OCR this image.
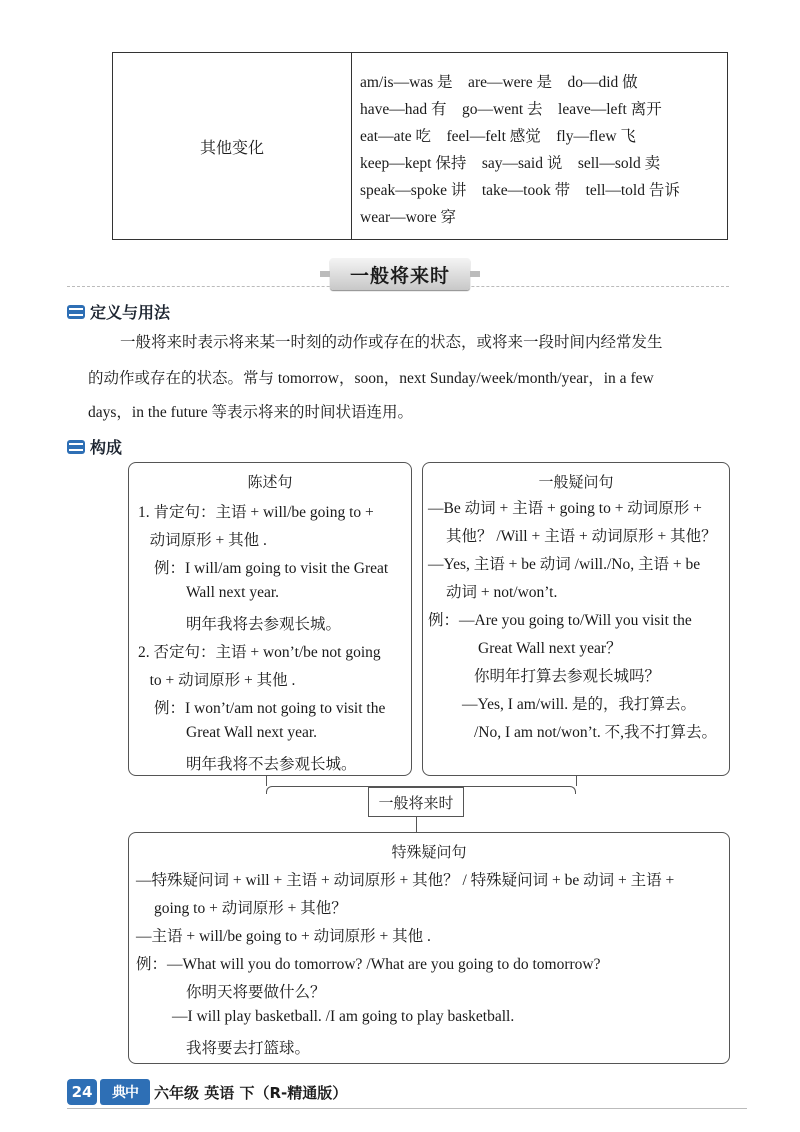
其他变化
am/is—was 是    are—were 是    do—did 做
have—had 有    go—went 去    leave—left 离开
eat—ate 吃    feel—felt 感觉    fly—flew 飞
keep—kept 保持    say—said 说    sell—sold 卖
speak—spoke 讲    take—took 带    tell—told 告诉
wear—wore 穿
一般将来时
定义与用法
一般将来时表示将来某一时刻的动作或存在的状态，或将来一段时间内经常发生
的动作或存在的状态。常与 tomorrow，soon，next Sunday/week/month/year，in a few
days，in the future 等表示将来的时间状语连用。
构成
陈述句
1. 肯定句：主语 + will/be going to +
动词原形 + 其他 .
例：I will/am going to visit the Great
Wall next year.
明年我将去参观长城。
2. 否定句：主语 + won’t/be not going
to + 动词原形 + 其他 .
例：I won’t/am not going to visit the
Great Wall next year.
明年我将不去参观长城。
一般疑问句
—Be 动词 + 主语 + going to + 动词原形 +
其他？ /Will + 主语 + 动词原形 + 其他？
—Yes, 主语 + be 动词 /will./No, 主语 + be
动词 + not/won’t.
例：—Are you going to/Will you visit the
Great Wall next year？
你明年打算去参观长城吗？
—Yes, I am/will. 是的，我打算去。
/No, I am not/won’t. 不,我不打算去。
一般将来时
特殊疑问句
—特殊疑问词 + will + 主语 + 动词原形 + 其他？ / 特殊疑问词 + be 动词 + 主语 +
going to + 动词原形 + 其他？
—主语 + will/be going to + 动词原形 + 其他 .
例：—What will you do tomorrow? /What are you going to do tomorrow?
你明天将要做什么？
—I will play basketball. /I am going to play basketball.
我将要去打篮球。
24	典中	六年级 英语 下（R-精通版）
